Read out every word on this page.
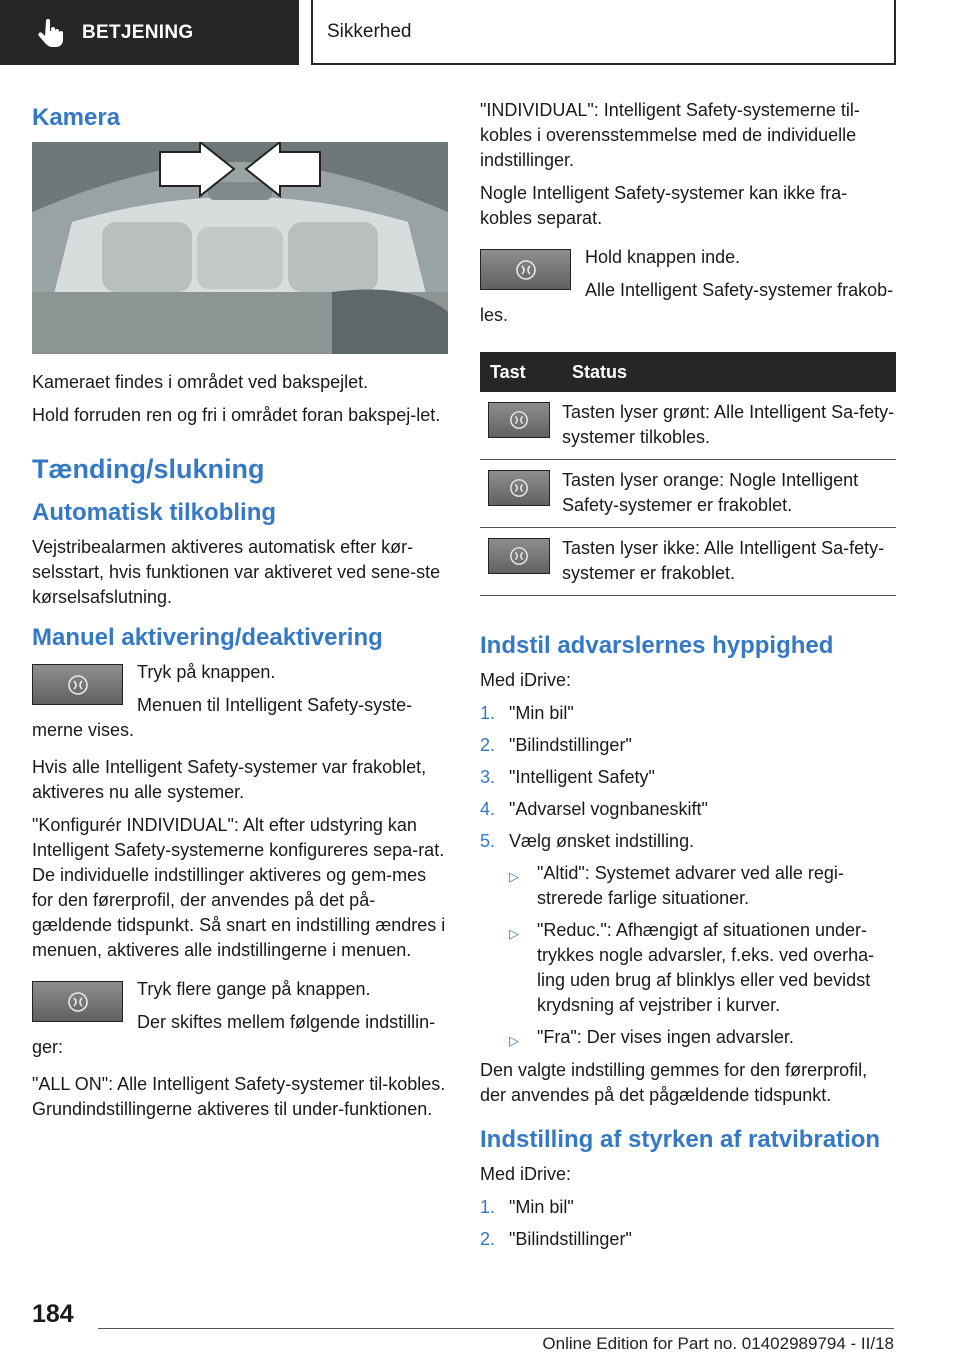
BETJENING	Sikkerhed
Kamera

Kameraet findes i området ved bakspejlet.

Hold forruden ren og fri i området foran bakspej-let.

Tænding/slukning
Automatisk tilkobling

Vejstribealarmen aktiveres automatisk efter kør-selsstart, hvis funktionen var aktiveret ved sene-ste kørselsafslutning.

Manuel aktivering/deaktivering

Tryk på knappen.

Menuen til Intelligent Safety-syste-merne vises.

Hvis alle Intelligent Safety-systemer var frakoblet, aktiveres nu alle systemer.

"Konfigurér INDIVIDUAL": Alt efter udstyring kan Intelligent Safety-systemerne konfigureres sepa-rat. De individuelle indstillinger aktiveres og gem-mes for den førerprofil, der anvendes på det på-gældende tidspunkt. Så snart en indstilling ændres i menuen, aktiveres alle indstillingerne i menuen.

Tryk flere gange på knappen.

Der skiftes mellem følgende indstillin-ger:

"ALL ON": Alle Intelligent Safety-systemer til-kobles. Grundindstillingerne aktiveres til under-funktionen.

"INDIVIDUAL": Intelligent Safety-systemerne til-kobles i overensstemmelse med de individuelle indstillinger.

Nogle Intelligent Safety-systemer kan ikke fra-kobles separat.

Hold knappen inde.

Alle Intelligent Safety-systemer frakob-les.

Tast	Status

	Tasten lyser grønt: Alle Intelligent Sa-fety-systemer tilkobles.

	Tasten lyser orange: Nogle Intelligent Safety-systemer er frakoblet.

	Tasten lyser ikke: Alle Intelligent Sa-fety-systemer er frakoblet.
Indstil advarslernes hyppighed

Med iDrive:

1. "Min bil"
2. "Bilindstillinger"
3. "Intelligent Safety"
4. "Advarsel vognbaneskift"
5. Vælg ønsket indstilling.
▷ "Altid": Systemet advarer ved alle regi-strerede farlige situationer.
▷ "Reduc.": Afhængigt af situationen under-trykkes nogle advarsler, f.eks. ved overha-ling uden brug af blinklys eller ved bevidst krydsning af vejstriber i kurver.
▷ "Fra": Der vises ingen advarsler.

Den valgte indstilling gemmes for den førerprofil, der anvendes på det pågældende tidspunkt.

Indstilling af styrken af ratvibration

Med iDrive:

1. "Min bil"
2. "Bilindstillinger"
184
Online Edition for Part no. 01402989794 - II/18
